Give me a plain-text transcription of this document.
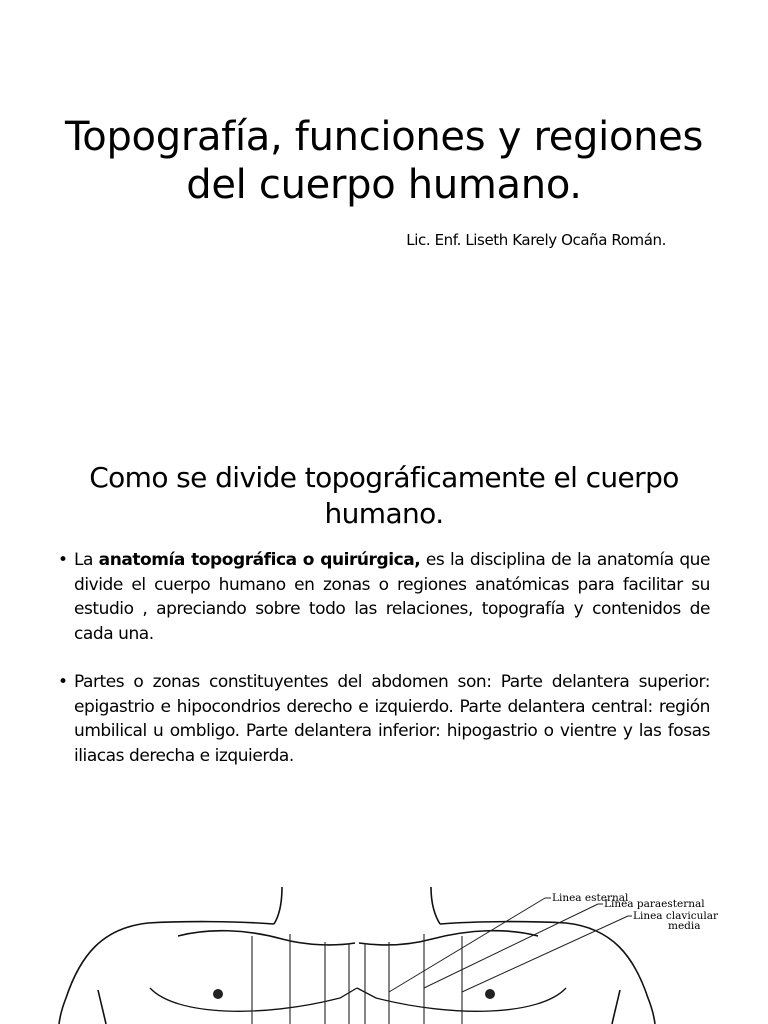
Topografía, funciones y regiones del cuerpo humano.
Lic. Enf. Liseth Karely Ocaña Román.
Como se divide topográficamente el cuerpo humano.
• La anatomía topográfica o quirúrgica, es la disciplina de la anatomía que divide el cuerpo humano en zonas o regiones anatómicas para facilitar su estudio , apreciando sobre todo las relaciones, topografía y contenidos de cada una.
• Partes o zonas constituyentes del abdomen son: Parte delantera superior: epigastrio e hipocondrios derecho e izquierdo. Parte delantera central: región umbilical u ombligo. Parte delantera inferior: hipogastrio o vientre y las fosas iliacas derecha e izquierda.
Linea esternal
Linea paraesternal
Linea clavicular
media
